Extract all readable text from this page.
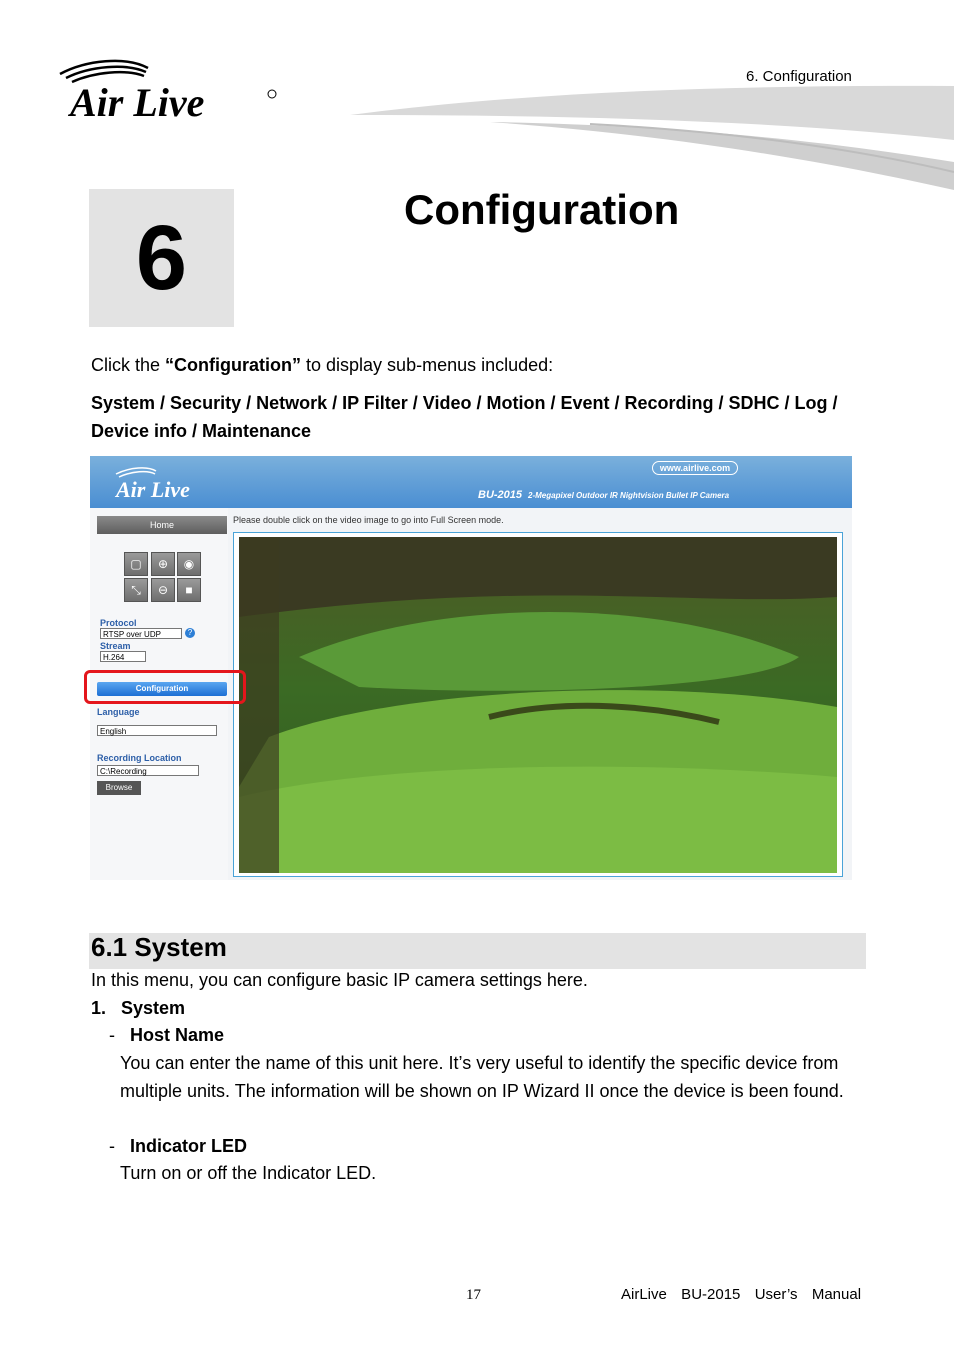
6. Configuration
Air Live
6	Configuration
Click the “Configuration” to display sub-menus included:
System / Security / Network / IP Filter / Video / Motion / Event / Recording / SDHC / Log / Device info / Maintenance
Air Live
www.airlive.com
BU-2015 2-Megapixel Outdoor IR Nightvision Bullet IP Camera
Home
▢	⊕	◉
⤡	⊖	■
Protocol
RTSP over UDP	?
Stream
H.264
Configuration
Language
English
Recording Location
C:\Recording
Browse
Please double click on the video image to go into Full Screen mode.
6.1 System
In this menu, you can configure basic IP camera settings here.
1.   System
- Host Name
You can enter the name of this unit here. It’s very useful to identify the specific device from multiple units. The information will be shown on IP Wizard II once the device is been found.
- Indicator LED
Turn on or off the Indicator LED.
17	AirLive  BU-2015  User’s  Manual
